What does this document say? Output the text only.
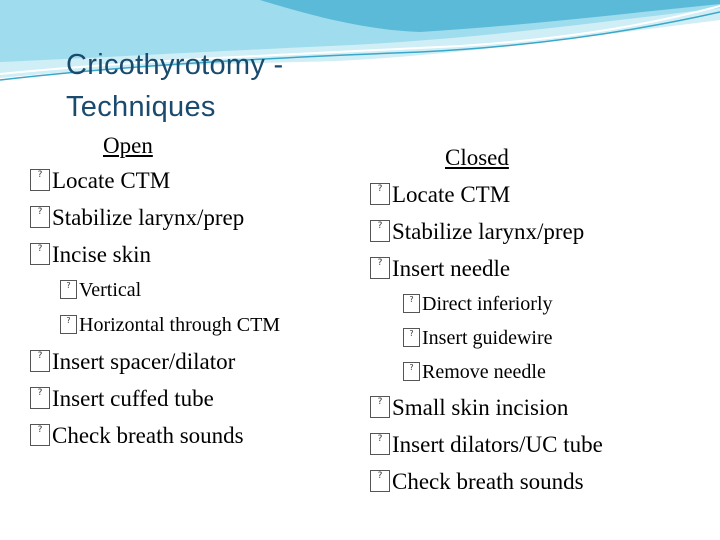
Cricothyrotomy -
Techniques
Open
? Locate CTM
? Stabilize larynx/prep
? Incise skin
? Vertical
? Horizontal through CTM
? Insert spacer/dilator
? Insert cuffed tube
? Check breath sounds
Closed
? Locate CTM
? Stabilize larynx/prep
? Insert needle
? Direct inferiorly
? Insert guidewire
? Remove needle
? Small skin incision
? Insert dilators/UC tube
? Check breath sounds
